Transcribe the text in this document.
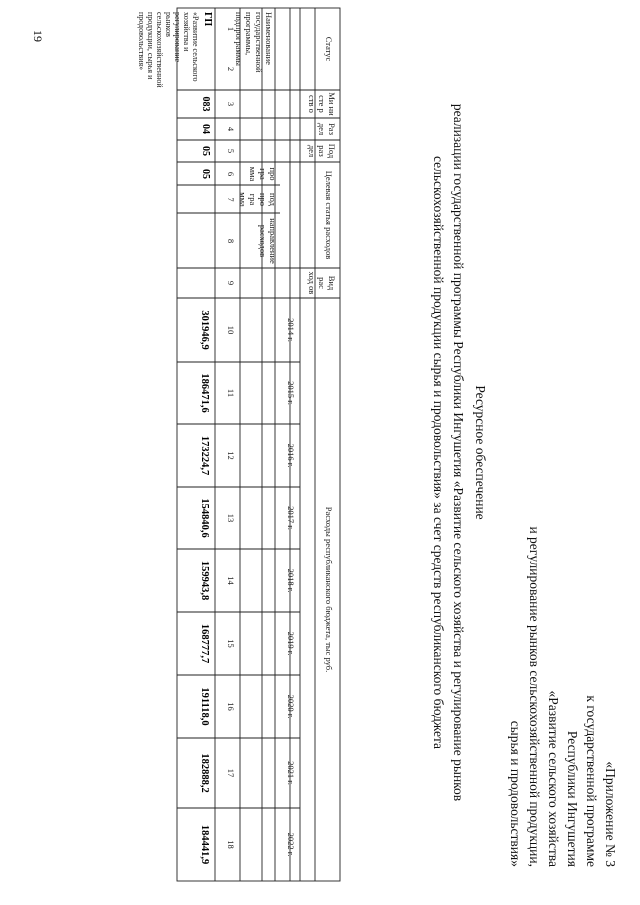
«Приложение № 3
к государственной программе
Республики Ингушетия
«Развитие сельского хозяйства
и регулирование рынков сельскохозяйственной продукции,
сырья и продовольствия»
Ресурсное обеспечение
реализации государственной программы Республики Ингушетия «Развитие сельского хозяйства и регулирование рынков
сельскохозяйственной продукции сырья и продовольствия» за счет средств республиканского бюджета
Статус
Наименование государственной программы, подпрограммы
Ми ни сте р ств о
Раз дел
Под раз дел
Целевая статья расходов
про гра мма
под про гра мма
направление расходов
Вид рас ход ов
Расходы республиканского бюджета, тыс руб.
2014 г.
2015 г.
2016 г.
2017 г.
2018 г.
2019 г.
2020 г.
2021 г.
2022 г.
1
2
3
4
5
6
7
8
9
10
11
12
13
14
15
16
17
18
ГП
«Развитие сельского хозяйства и регулирование рынков сельскохозяйственной продукции, сырья и продовольствия»
083
04
05
05
301946,9
186471,6
173224,7
154840,6
159943,8
168777,7
191118,0
182888,2
184441,9
19
